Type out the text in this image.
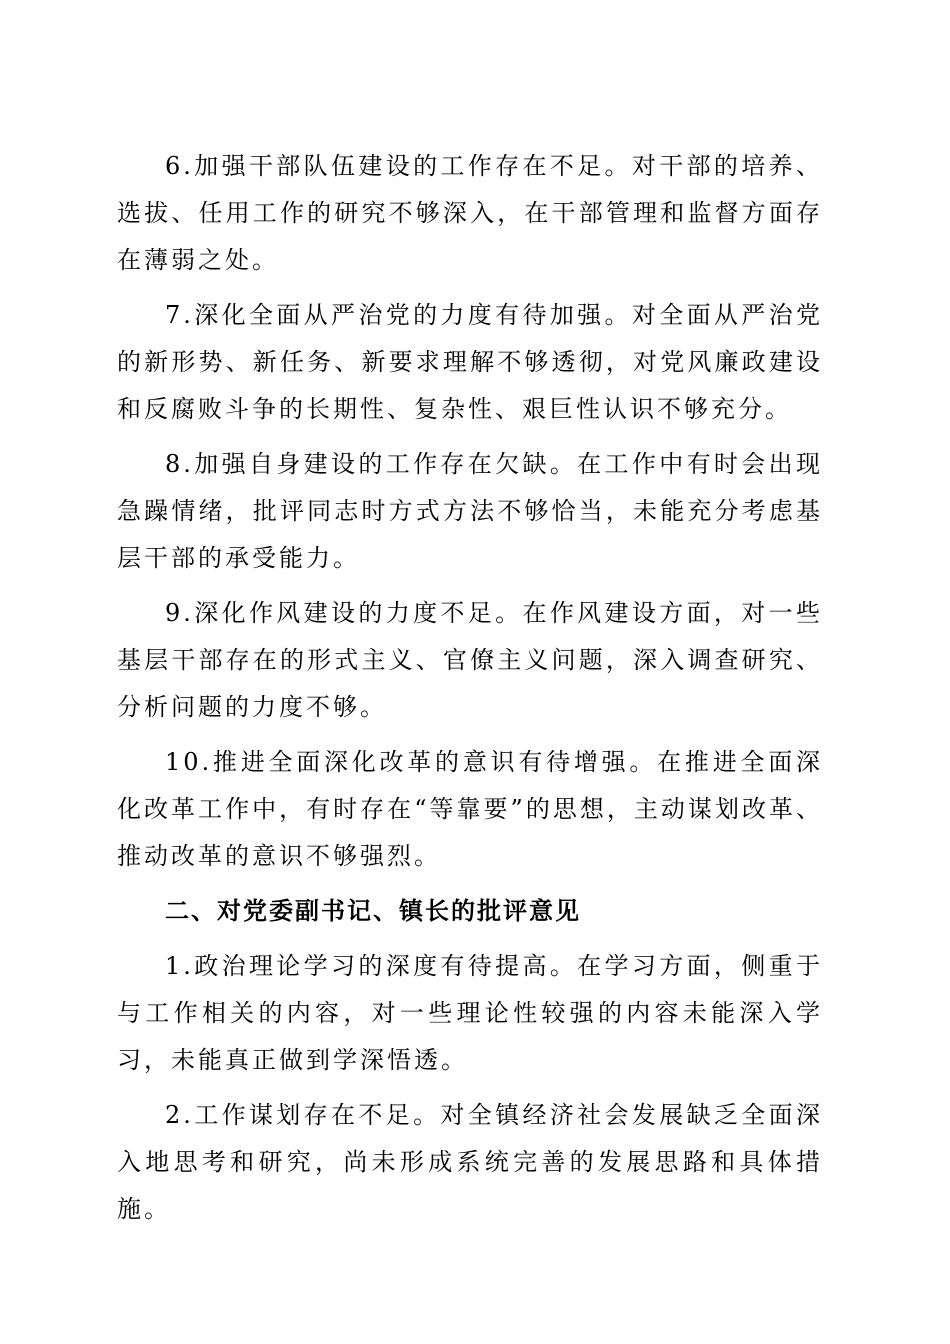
6.加强干部队伍建设的工作存在不足。对干部的培养、选拔、任用工作的研究不够深入，在干部管理和监督方面存在薄弱之处。

7.深化全面从严治党的力度有待加强。对全面从严治党的新形势、新任务、新要求理解不够透彻，对党风廉政建设和反腐败斗争的长期性、复杂性、艰巨性认识不够充分。

8.加强自身建设的工作存在欠缺。在工作中有时会出现急躁情绪，批评同志时方式方法不够恰当，未能充分考虑基层干部的承受能力。

9.深化作风建设的力度不足。在作风建设方面，对一些基层干部存在的形式主义、官僚主义问题，深入调查研究、分析问题的力度不够。

10.推进全面深化改革的意识有待增强。在推进全面深化改革工作中，有时存在“等靠要”的思想，主动谋划改革、推动改革的意识不够强烈。

二、对党委副书记、镇长的批评意见

1.政治理论学习的深度有待提高。在学习方面，侧重于与工作相关的内容，对一些理论性较强的内容未能深入学习，未能真正做到学深悟透。

2.工作谋划存在不足。对全镇经济社会发展缺乏全面深入地思考和研究，尚未形成系统完善的发展思路和具体措施。
